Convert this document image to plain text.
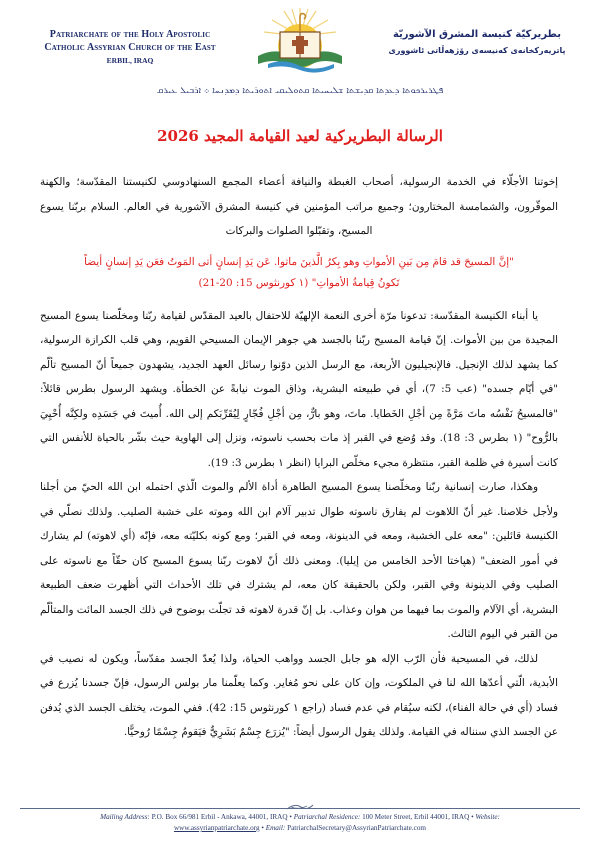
Patriarchate of the Holy Apostolic
Catholic Assyrian Church of the East
ERBIL, IRAQ
بطريركيّة كنيسة المشرق الآشوريّة
پاتریەرکخانەی کەنیسەی رۆژهەڵاتی ئاشووری
ܦܛܪܝܪܟܘܬܐ ܕܥܕܬܐ ܩܕܝܫܬܐ ܫܠܝܚܝܬܐ ܩܬܘܠܝܩܝ ܐܬܘܪܝܬܐ ܕܡܕܢܚܐ ܀ ܐܪܒܝܠ ܥܝܪܩ
الرسالة البطريركية لعيد القيامة المجيد 2026

إخوتنا الأجلّاء في الخدمة الرسولية، أصحاب الغبطة والنيافة أعضاء المجمع السنهادوسي لكنيستنا المقدّسة؛ والكهنة الموقّرون، والشمامسة المختارون؛ وجميع مراتب المؤمنين في كنيسة المشرق الآشورية في العالم. السلام بربّنا يسوع المسيح، وتقبّلوا الصلوات والبركات

"إنَّ المسيحَ قد قامَ مِن بَينِ الأمواتِ وهو بِكرُ الَّذينَ ماتوا. عَن يَدِ إنسانٍ أتى المَوتُ فعَن يَدِ إنسانٍ أيضاً
تَكونُ قِيامةُ الأمواتِ" (١ كورنثوس 15: 20-21)

يا أبناء الكنيسة المقدّسة: تدعونا مرّة أخرى النعمة الإلهيّة للاحتفال بالعيد المقدّس لقيامة ربّنا ومخلّصنا يسوع المسيح المجيدة من بين الأموات. إنّ قيامة المسيح ربّنا بالجسد هي جوهر الإيمان المسيحي القويم، وهي قلب الكرازة الرسولية، كما يشهد لذلك الإنجيل. فالإنجيليون الأربعة، مع الرسل الذين دوّنوا رسائل العهد الجديد، يشهدون جميعاً أنّ المسيح تألّم "في أيّام جسده" (عب 5: 7)، أي في طبيعته البشرية، وذاق الموت نيابةً عن الخطأة. ويشهد الرسول بطرس قائلاً: "فالمسيحُ نَفْسُه ماتَ مَرَّةً مِن أجْلِ الخَطايا. ماتَ، وهو بارٌّ، مِن أجْلِ فُجّارٍ لِيُقَرِّبَكم إلى الله. أُميتَ في جَسَدِه ولكِنَّه أُحْيِيَ بالرُّوح" (١ بطرس 3: 18). وقد وُضع في القبر إذ مات بحسب ناسوته، ونزل إلى الهاوية حيث بشّر بالحياة للأنفس التي كانت أسيرة في ظلمة القبر، منتظرة مجيء مخلّص البرايا (انظر ١ بطرس 3: 19).

وهكذا، صارت إنسانية ربّنا ومخلّصنا يسوع المسيح الطاهرة أداة الألم والموت الّذي احتمله ابن الله الحيّ من أجلنا ولأجل خلاصنا. غير أنّ اللاهوت لم يفارق ناسوته طوال تدبير آلام ابن الله وموته على خشبة الصليب. ولذلك نصلّي في الكنيسة قائلين: "معه على الخشبة، ومعه في الدينونة، ومعه في القبر؛ ومع كونه بكليّته معه، فإنّه (أي لاهوته) لم يشارك في أمور الضعف" (هپاختا الأحد الخامس من إيليا). ومعنى ذلك أنّ لاهوت ربّنا يسوع المسيح كان حقّاً مع ناسوته على الصليب وفي الدينونة وفي القبر، ولكن بالحقيقة كان معه، لم يشترك في تلك الأحداث التي أظهرت ضعف الطبيعة البشرية، أي الآلام والموت بما فيهما من هوان وعذاب. بل إنّ قدرة لاهوته قد تجلّت بوضوح في ذلك الجسد المائت والمتألّم من القبر في اليوم الثالث.

لذلك، في المسيحية فأن الرّب الإله هو جابل الجسد وواهب الحياة، ولذا يُعدّ الجسد مقدّساً، ويكون له نصيب في الأبدية، الّتي أعدّها الله لنا في الملكوت، وإن كان على نحو مُغاير. وكما يعلّمنا مار بولس الرسول، فإنّ جسدنا يُزرع في فساد (أي في حالة الفناء)، لكنه سيُقام في عدم فساد (راجع ١ كورنثوس 15: 42). ففي الموت، يختلف الجسد الذي يُدفن عن الجسد الذي سنناله في القيامة. ولذلك يقول الرسول أيضاً: "يُزرَع جِسْمٌ بَشَرِيٌّ فيَقومُ جِسْمًا رُوحيًّا.

Mailing Address: P.O. Box 66/981 Erbil - Ankawa, 44001, IRAQ • Patriarchal Residence: 100 Meter Street, Erbil 44001, IRAQ • Website:
www.assyrianpatriarchate.org • Email: PatriarchalSecretary@AssyrianPatriarchate.com
